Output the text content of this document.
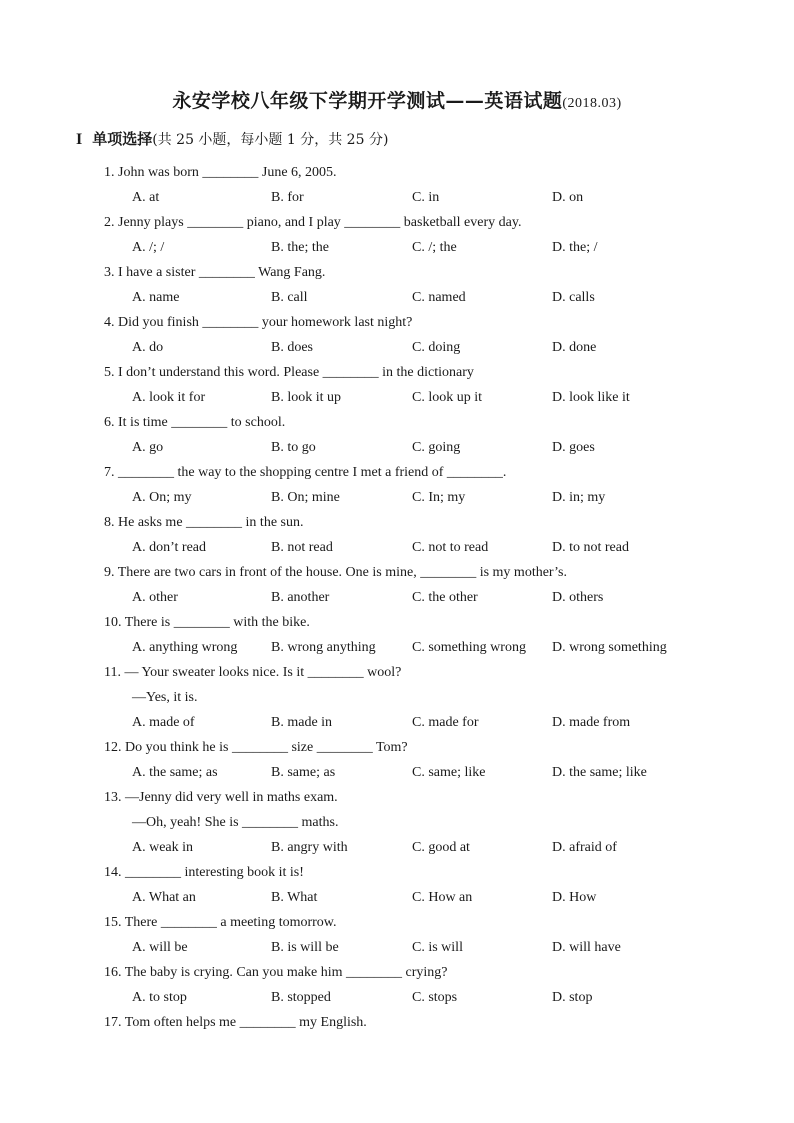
永安学校八年级下学期开学测试——英语试题(2018.03)
I 单项选择(共 25 小题，每小题 1 分，共 25 分)
1. John was born ________ June 6, 2005.
A. at	B. for	C. in	D. on
2. Jenny plays ________ piano, and I play ________ basketball every day.
A. /; /	B. the; the	C. /; the	D. the; /
3. I have a sister ________ Wang Fang.
A. name	B. call	C. named	D. calls
4. Did you finish ________ your homework last night?
A. do	B. does	C. doing	D. done
5. I don’t understand this word. Please ________ in the dictionary
A. look it for	B. look it up	C. look up it	D. look like it
6. It is time ________ to school.
A. go	B. to go	C. going	D. goes
7. ________ the way to the shopping centre I met a friend of ________.
A. On; my	B. On; mine	C. In; my	D. in; my
8. He asks me ________ in the sun.
A. don’t read	B. not read	C. not to read	D. to not read
9. There are two cars in front of the house. One is mine, ________ is my mother’s.
A. other	B. another	C. the other	D. others
10. There is ________ with the bike.
A. anything wrong B. wrong anything	C. something wrong D. wrong something
11. — Your sweater looks nice. Is it ________ wool?
—Yes, it is.
A. made of	B. made in	C. made for	D. made from
12. Do you think he is ________ size ________ Tom?
A. the same; as	B. same; as	C. same; like	D. the same; like
13. —Jenny did very well in maths exam.
—Oh, yeah! She is ________ maths.
A. weak in	B. angry with	C. good at	D. afraid of
14. ________ interesting book it is!
A. What an	B. What	C. How an	D. How
15. There ________ a meeting tomorrow.
A. will be	B. is will be	C. is will	D. will have
16. The baby is crying. Can you make him ________ crying?
A. to stop	B. stopped	C. stops	D. stop
17. Tom often helps me ________ my English.
